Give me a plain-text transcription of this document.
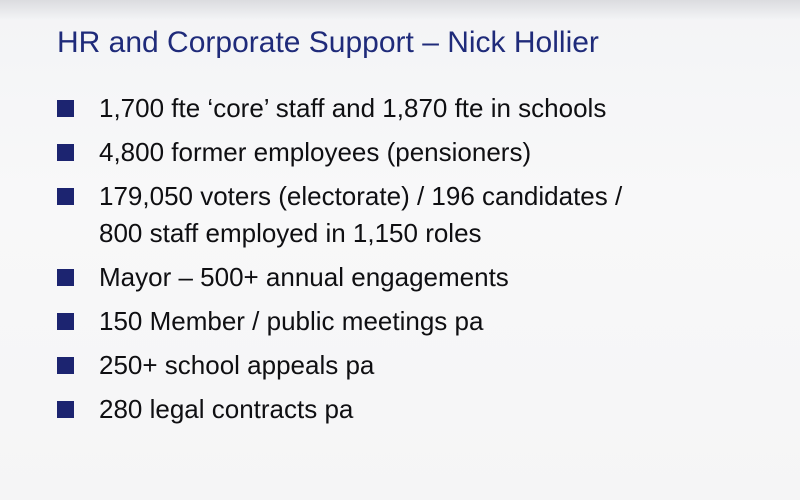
HR and Corporate Support – Nick Hollier
1,700 fte ‘core’ staff and 1,870 fte in schools
4,800 former employees (pensioners)
179,050 voters (electorate) / 196 candidates /
800 staff employed in 1,150 roles
Mayor – 500+ annual engagements
150 Member / public meetings pa
250+ school appeals pa
280 legal contracts pa
